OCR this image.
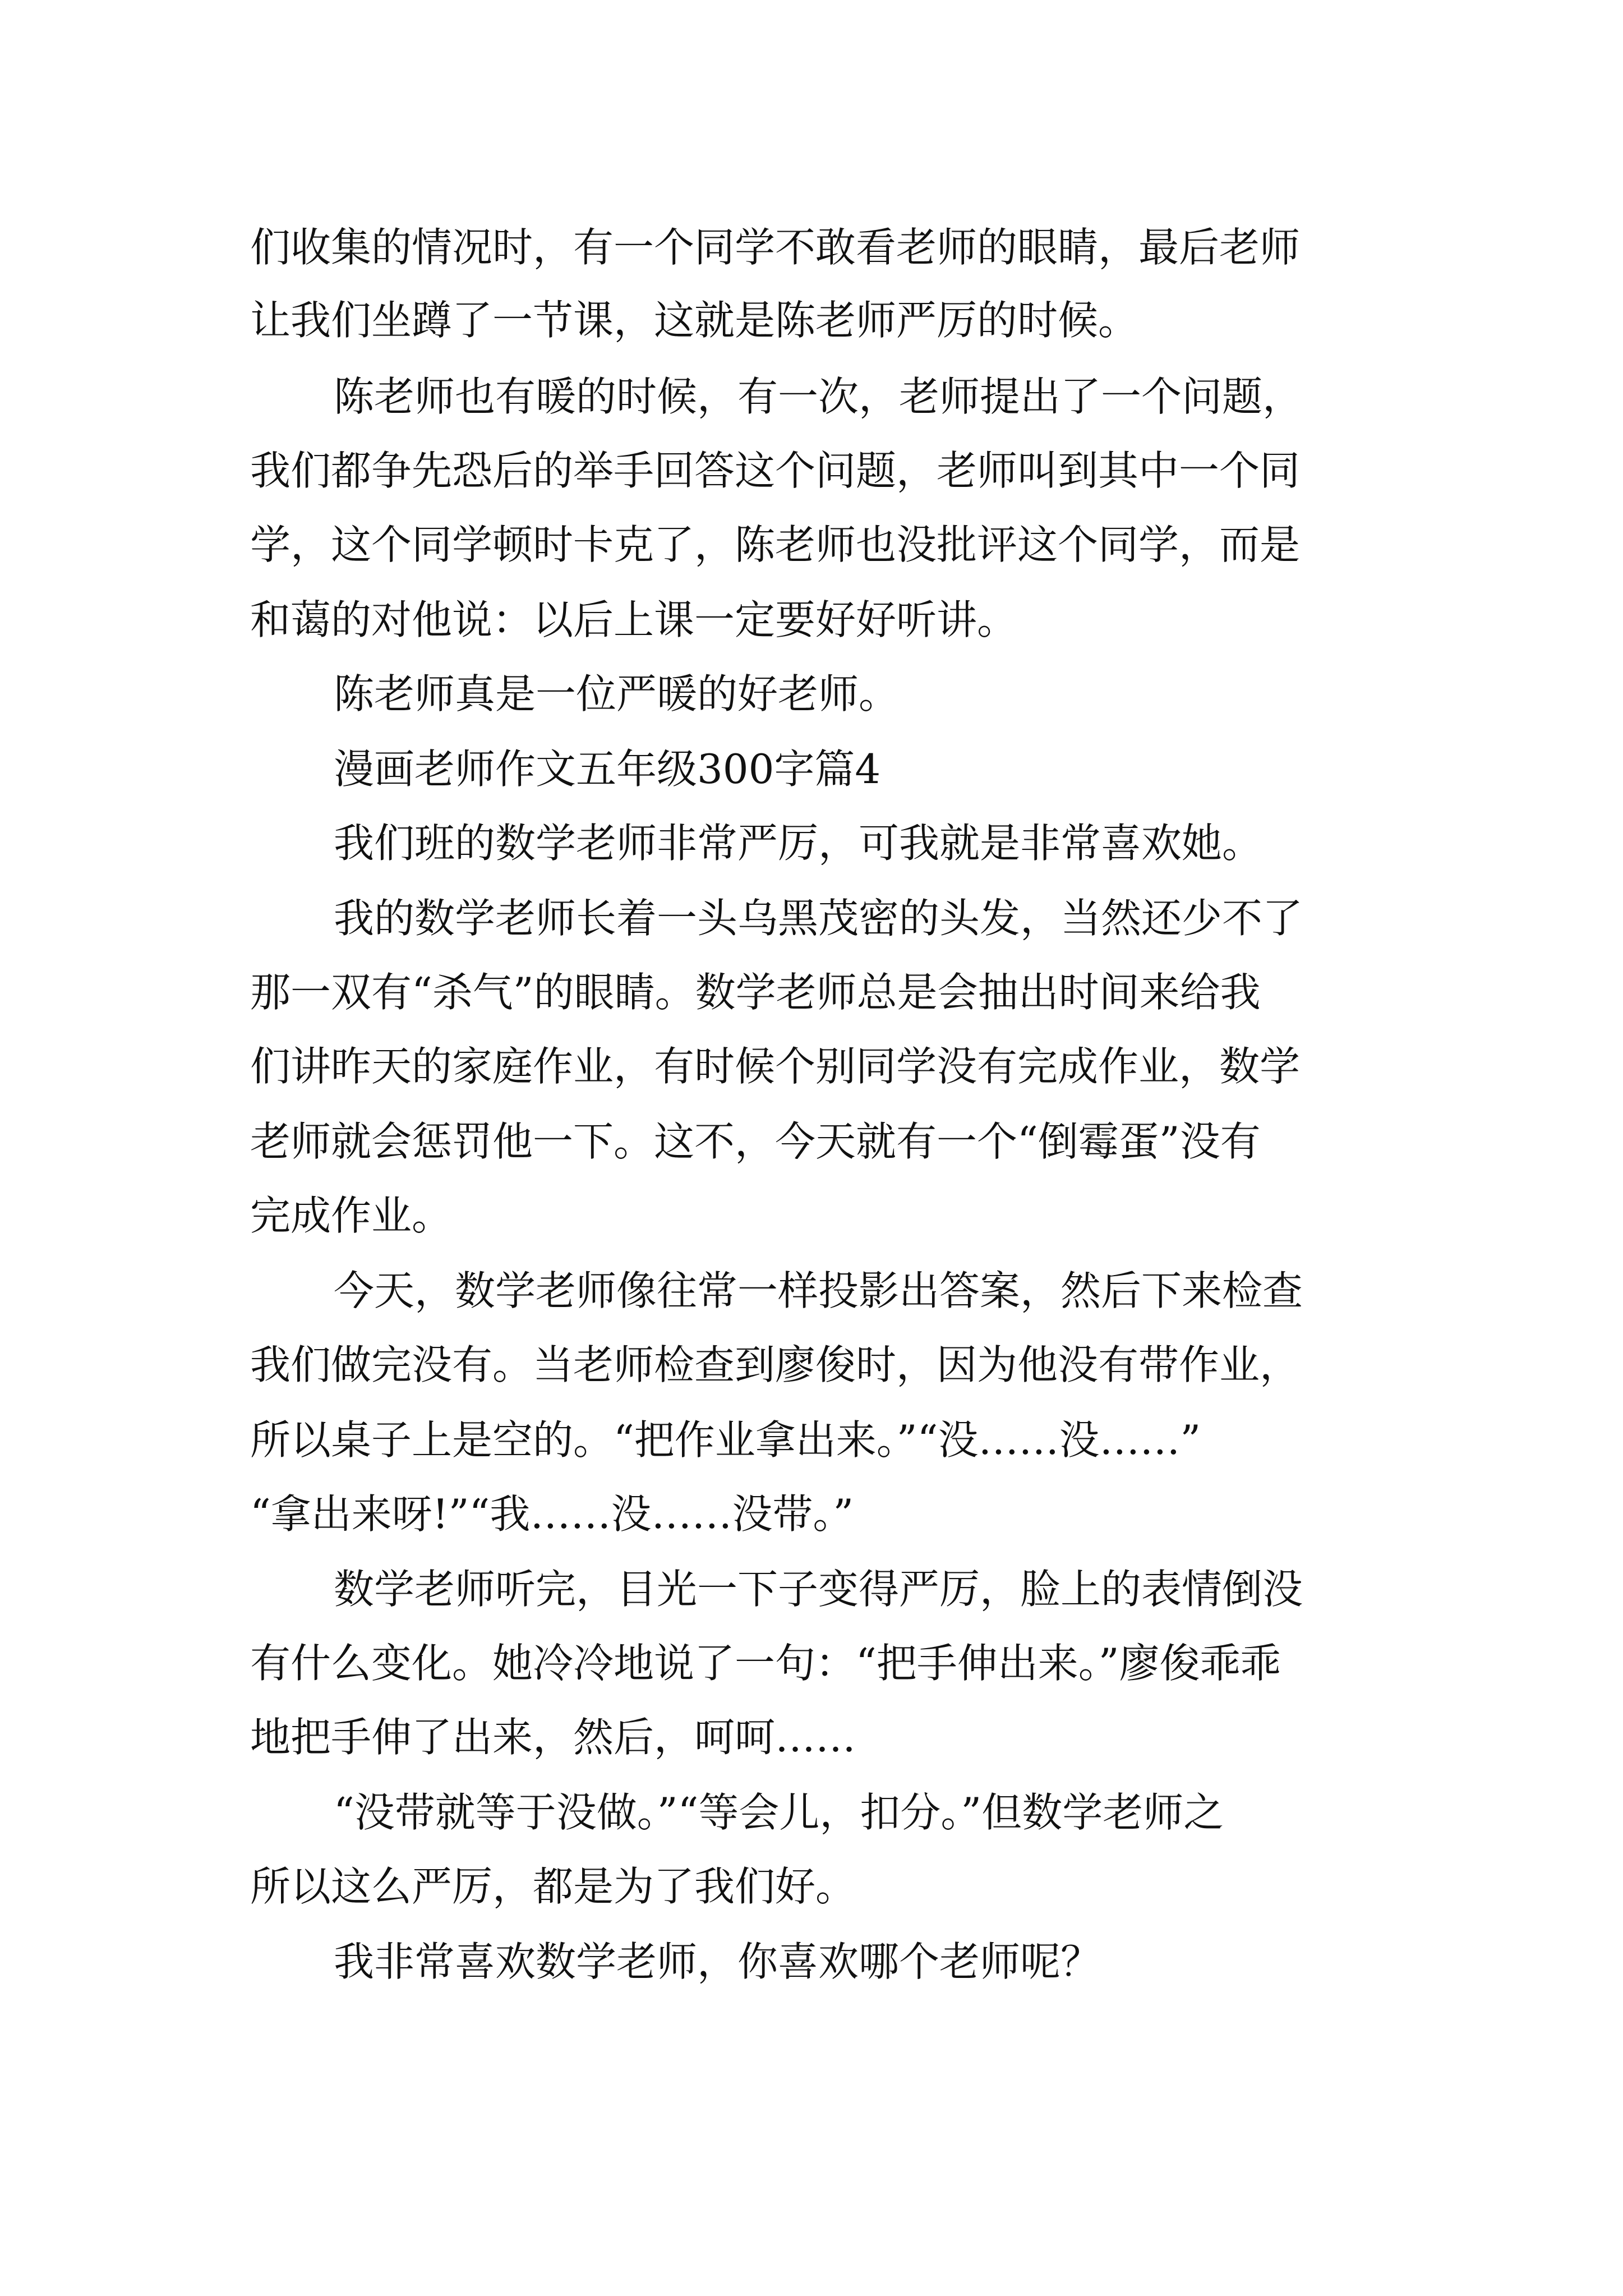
们收集的情况时，有一个同学不敢看老师的眼睛，最后老师

让我们坐蹲了一节课，这就是陈老师严厉的时候。

陈老师也有暖的时候，有一次，老师提出了一个问题，

我们都争先恐后的举手回答这个问题，老师叫到其中一个同

学，这个同学顿时卡克了，陈老师也没批评这个同学，而是

和蔼的对他说：以后上课一定要好好听讲。

陈老师真是一位严暖的好老师。

漫画老师作文五年级300字篇4

我们班的数学老师非常严厉，可我就是非常喜欢她。

我的数学老师长着一头乌黑茂密的头发，当然还少不了

那一双有“杀气”的眼睛。数学老师总是会抽出时间来给我

们讲昨天的家庭作业，有时候个别同学没有完成作业，数学

老师就会惩罚他一下。这不，今天就有一个“倒霉蛋”没有

完成作业。

今天，数学老师像往常一样投影出答案，然后下来检查

我们做完没有。当老师检查到廖俊时，因为他没有带作业，

所以桌子上是空的。“把作业拿出来。”“没……没……”

“拿出来呀!”“我……没……没带。”

数学老师听完，目光一下子变得严厉，脸上的表情倒没

有什么变化。她冷冷地说了一句：“把手伸出来。”廖俊乖乖

地把手伸了出来，然后，呵呵……

“没带就等于没做。”“等会儿，扣分。”但数学老师之

所以这么严厉，都是为了我们好。

我非常喜欢数学老师，你喜欢哪个老师呢？
